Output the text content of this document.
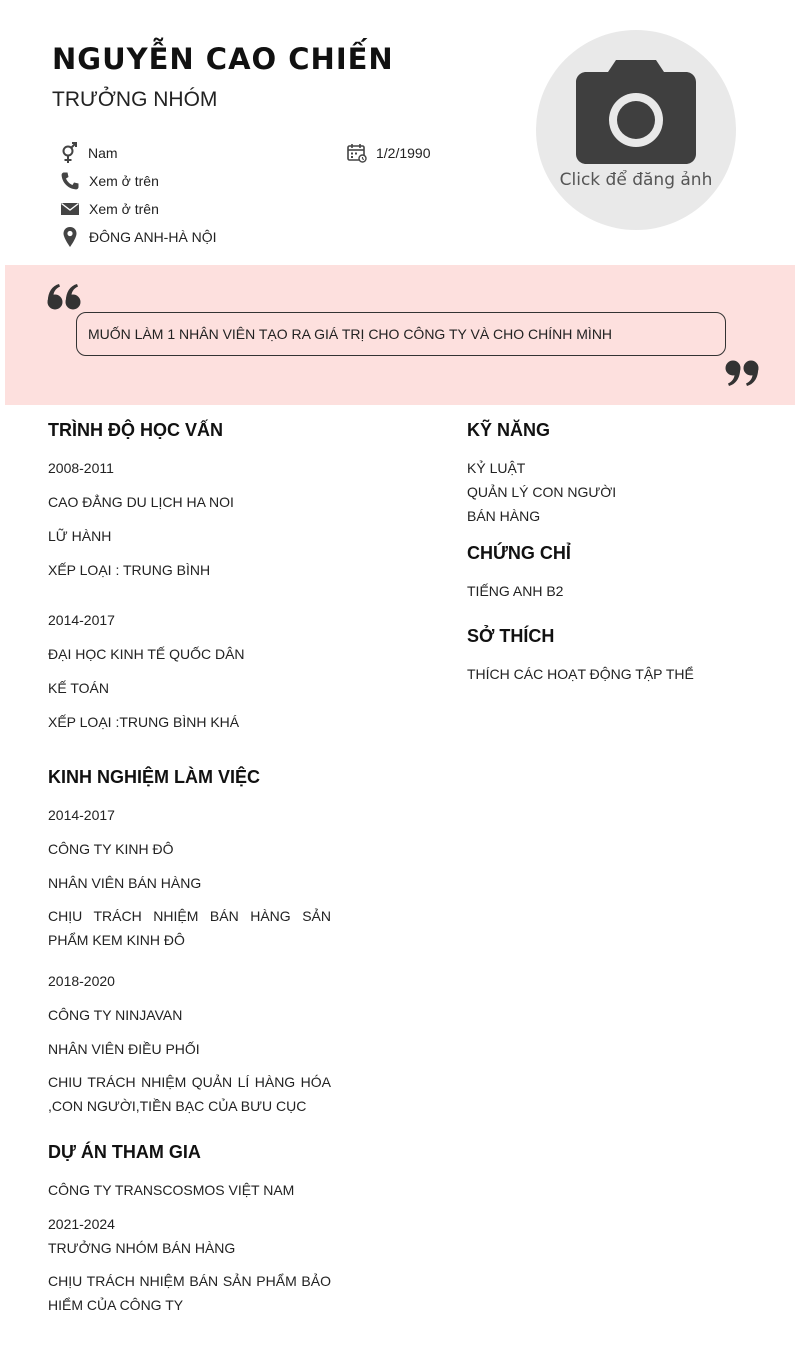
NGUYỄN CAO CHIẾN
TRƯỞNG NHÓM
Nam	1/2/1990
Xem ở trên
Xem ở trên
ĐÔNG ANH-HÀ NỘI
Click để đăng ảnh
MUỐN LÀM 1 NHÂN VIÊN TẠO RA GIÁ TRỊ CHO CÔNG TY VÀ CHO CHÍNH MÌNH
TRÌNH ĐỘ HỌC VẤN
2008-2011
CAO ĐẲNG DU LỊCH HA NOI
LỮ HÀNH
XẾP LOẠI : TRUNG BÌNH
2014-2017
ĐẠI HỌC KINH TẾ QUỐC DÂN
KẾ TOÁN
XẾP LOẠI :TRUNG BÌNH KHÁ
KINH NGHIỆM LÀM VIỆC
2014-2017
CÔNG TY KINH ĐÔ
NHÂN VIÊN BÁN HÀNG
CHỊU TRÁCH NHIỆM BÁN HÀNG SẢN PHẨM KEM KINH ĐÔ
2018-2020
CÔNG TY NINJAVAN
NHÂN VIÊN ĐIỀU PHỐI
CHIU TRÁCH NHIỆM QUẢN LÍ HÀNG HÓA ,CON NGƯỜI,TIỀN BẠC CỦA BƯU CỤC
DỰ ÁN THAM GIA
CÔNG TY TRANSCOSMOS VIỆT NAM
2021-2024
TRƯỞNG NHÓM BÁN HÀNG
CHỊU TRÁCH NHIỆM BÁN SẢN PHẨM BẢO HIỂM CỦA CÔNG TY
KỸ NĂNG
KỶ LUẬT
QUẢN LÝ CON NGƯỜI
BÁN HÀNG
CHỨNG CHỈ
TIẾNG ANH B2
SỞ THÍCH
THÍCH CÁC HOẠT ĐỘNG TẬP THỂ
